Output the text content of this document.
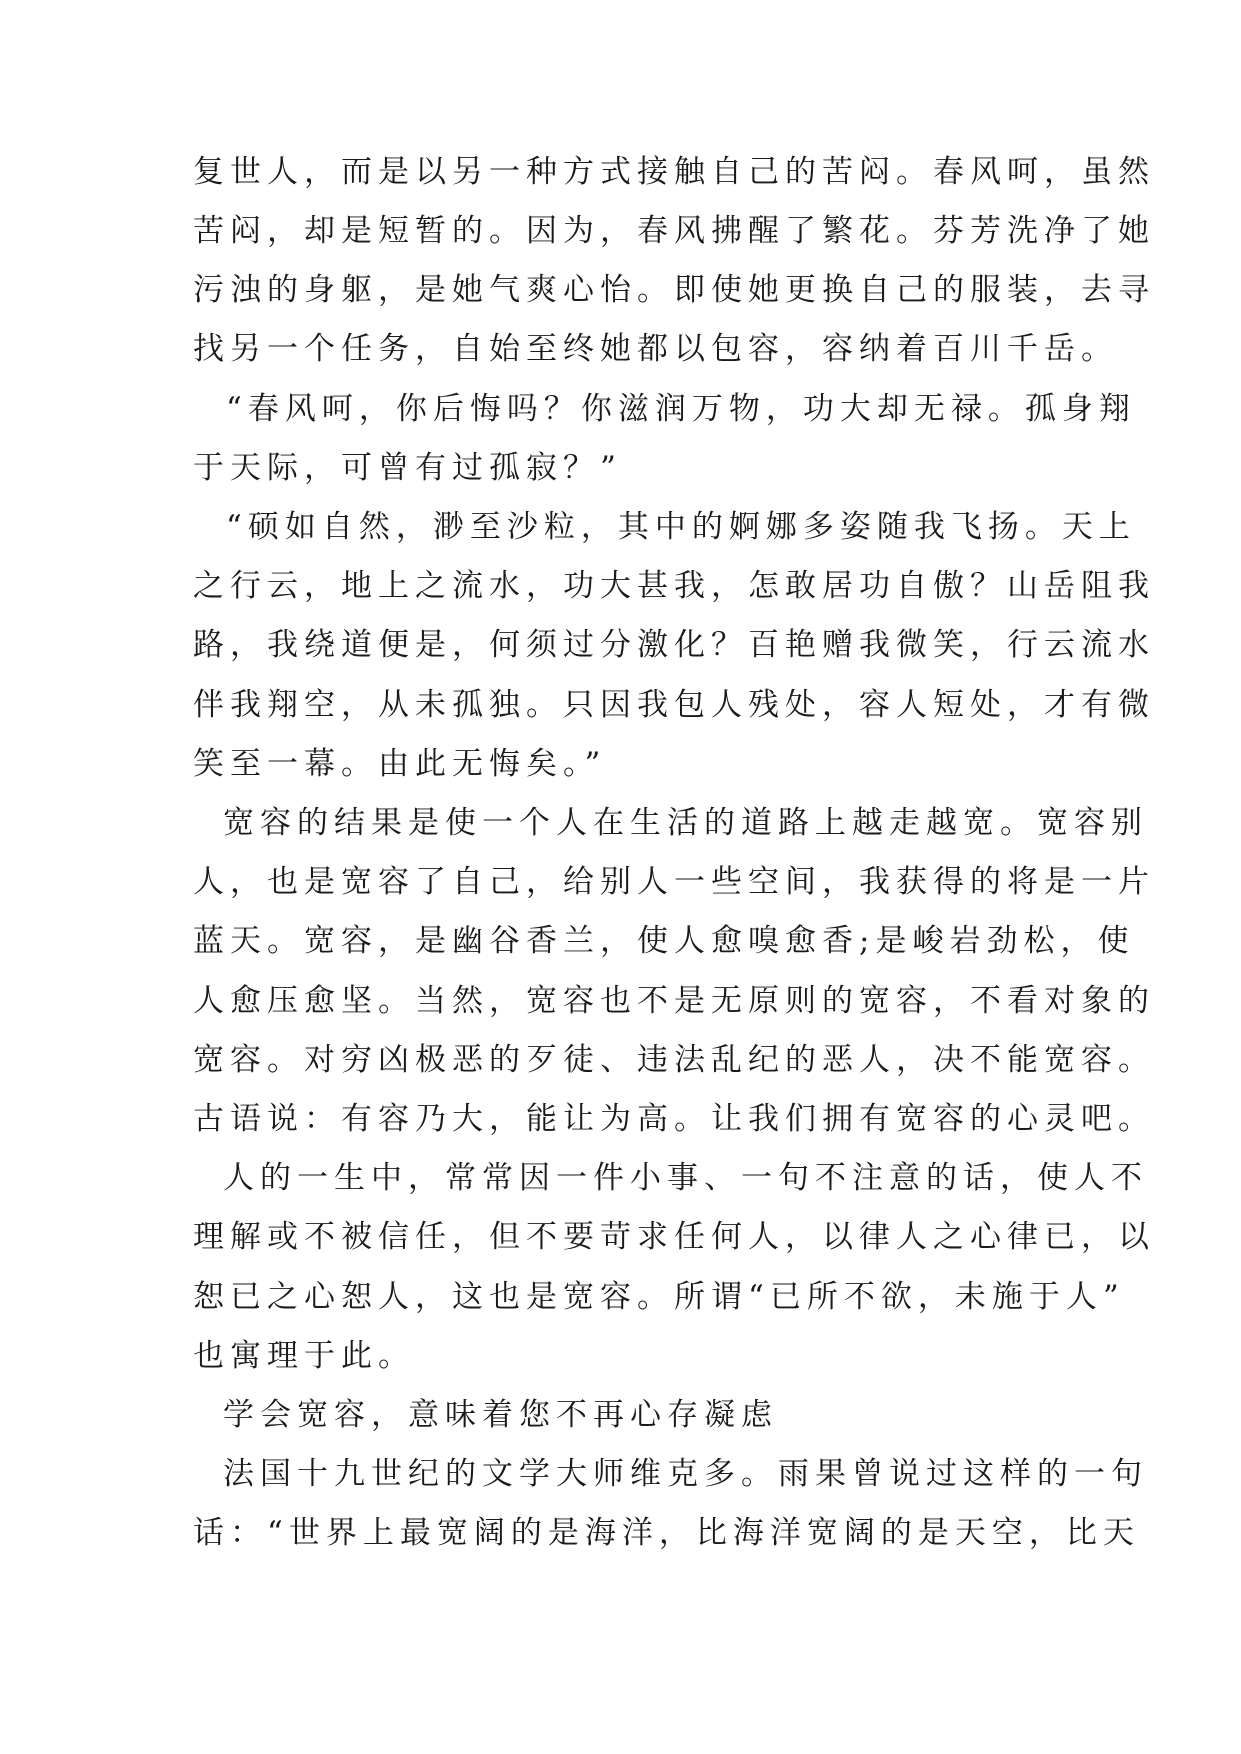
复世人，而是以另一种方式接触自己的苦闷。春风呵，虽然
苦闷，却是短暂的。因为，春风拂醒了繁花。芬芳洗净了她
污浊的身躯，是她气爽心怡。即使她更换自己的服装，去寻
找另一个任务，自始至终她都以包容，容纳着百川千岳。
“春风呵，你后悔吗？你滋润万物，功大却无禄。孤身翔
于天际，可曾有过孤寂？”
“硕如自然，渺至沙粒，其中的婀娜多姿随我飞扬。天上
之行云，地上之流水，功大甚我，怎敢居功自傲？山岳阻我
路，我绕道便是，何须过分激化？百艳赠我微笑，行云流水
伴我翔空，从未孤独。只因我包人残处，容人短处，才有微
笑至一幕。由此无悔矣。”
宽容的结果是使一个人在生活的道路上越走越宽。宽容别
人，也是宽容了自己，给别人一些空间，我获得的将是一片
蓝天。宽容，是幽谷香兰，使人愈嗅愈香;是峻岩劲松，使
人愈压愈坚。当然，宽容也不是无原则的宽容，不看对象的
宽容。对穷凶极恶的歹徒、违法乱纪的恶人，决不能宽容。
古语说：有容乃大，能让为高。让我们拥有宽容的心灵吧。
人的一生中，常常因一件小事、一句不注意的话，使人不
理解或不被信任，但不要苛求任何人，以律人之心律已，以
恕已之心恕人，这也是宽容。所谓“已所不欲，未施于人”
也寓理于此。
学会宽容，意味着您不再心存凝虑
法国十九世纪的文学大师维克多。雨果曾说过这样的一句
话：“世界上最宽阔的是海洋，比海洋宽阔的是天空，比天
